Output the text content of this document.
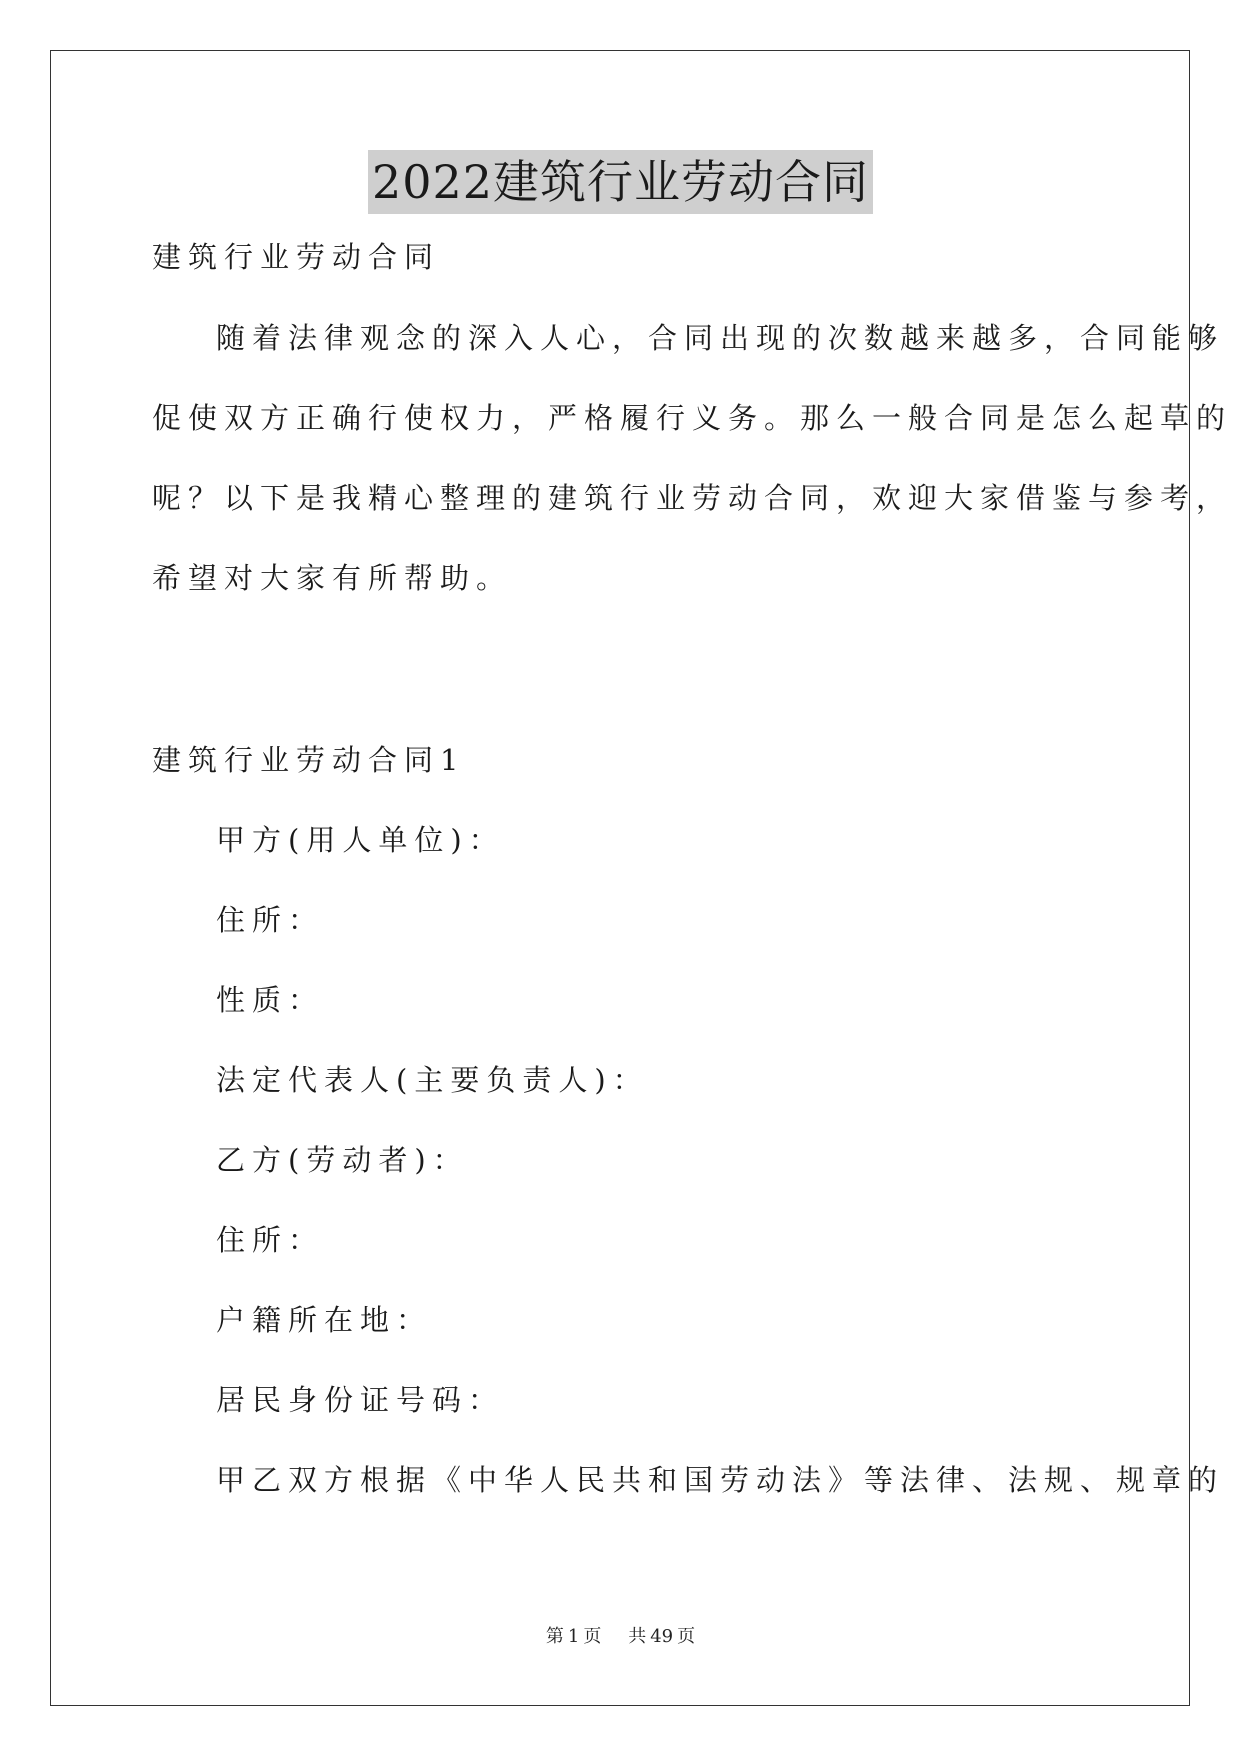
2022建筑行业劳动合同
建筑行业劳动合同
随着法律观念的深入人心，合同出现的次数越来越多，合同能够
促使双方正确行使权力，严格履行义务。那么一般合同是怎么起草的
呢？以下是我精心整理的建筑行业劳动合同，欢迎大家借鉴与参考，
希望对大家有所帮助。
建筑行业劳动合同1
甲方(用人单位)：
住所：
性质：
法定代表人(主要负责人)：
乙方(劳动者)：
住所：
户籍所在地：
居民身份证号码：
甲乙双方根据《中华人民共和国劳动法》等法律、法规、规章的
第 1 页 共 49 页
